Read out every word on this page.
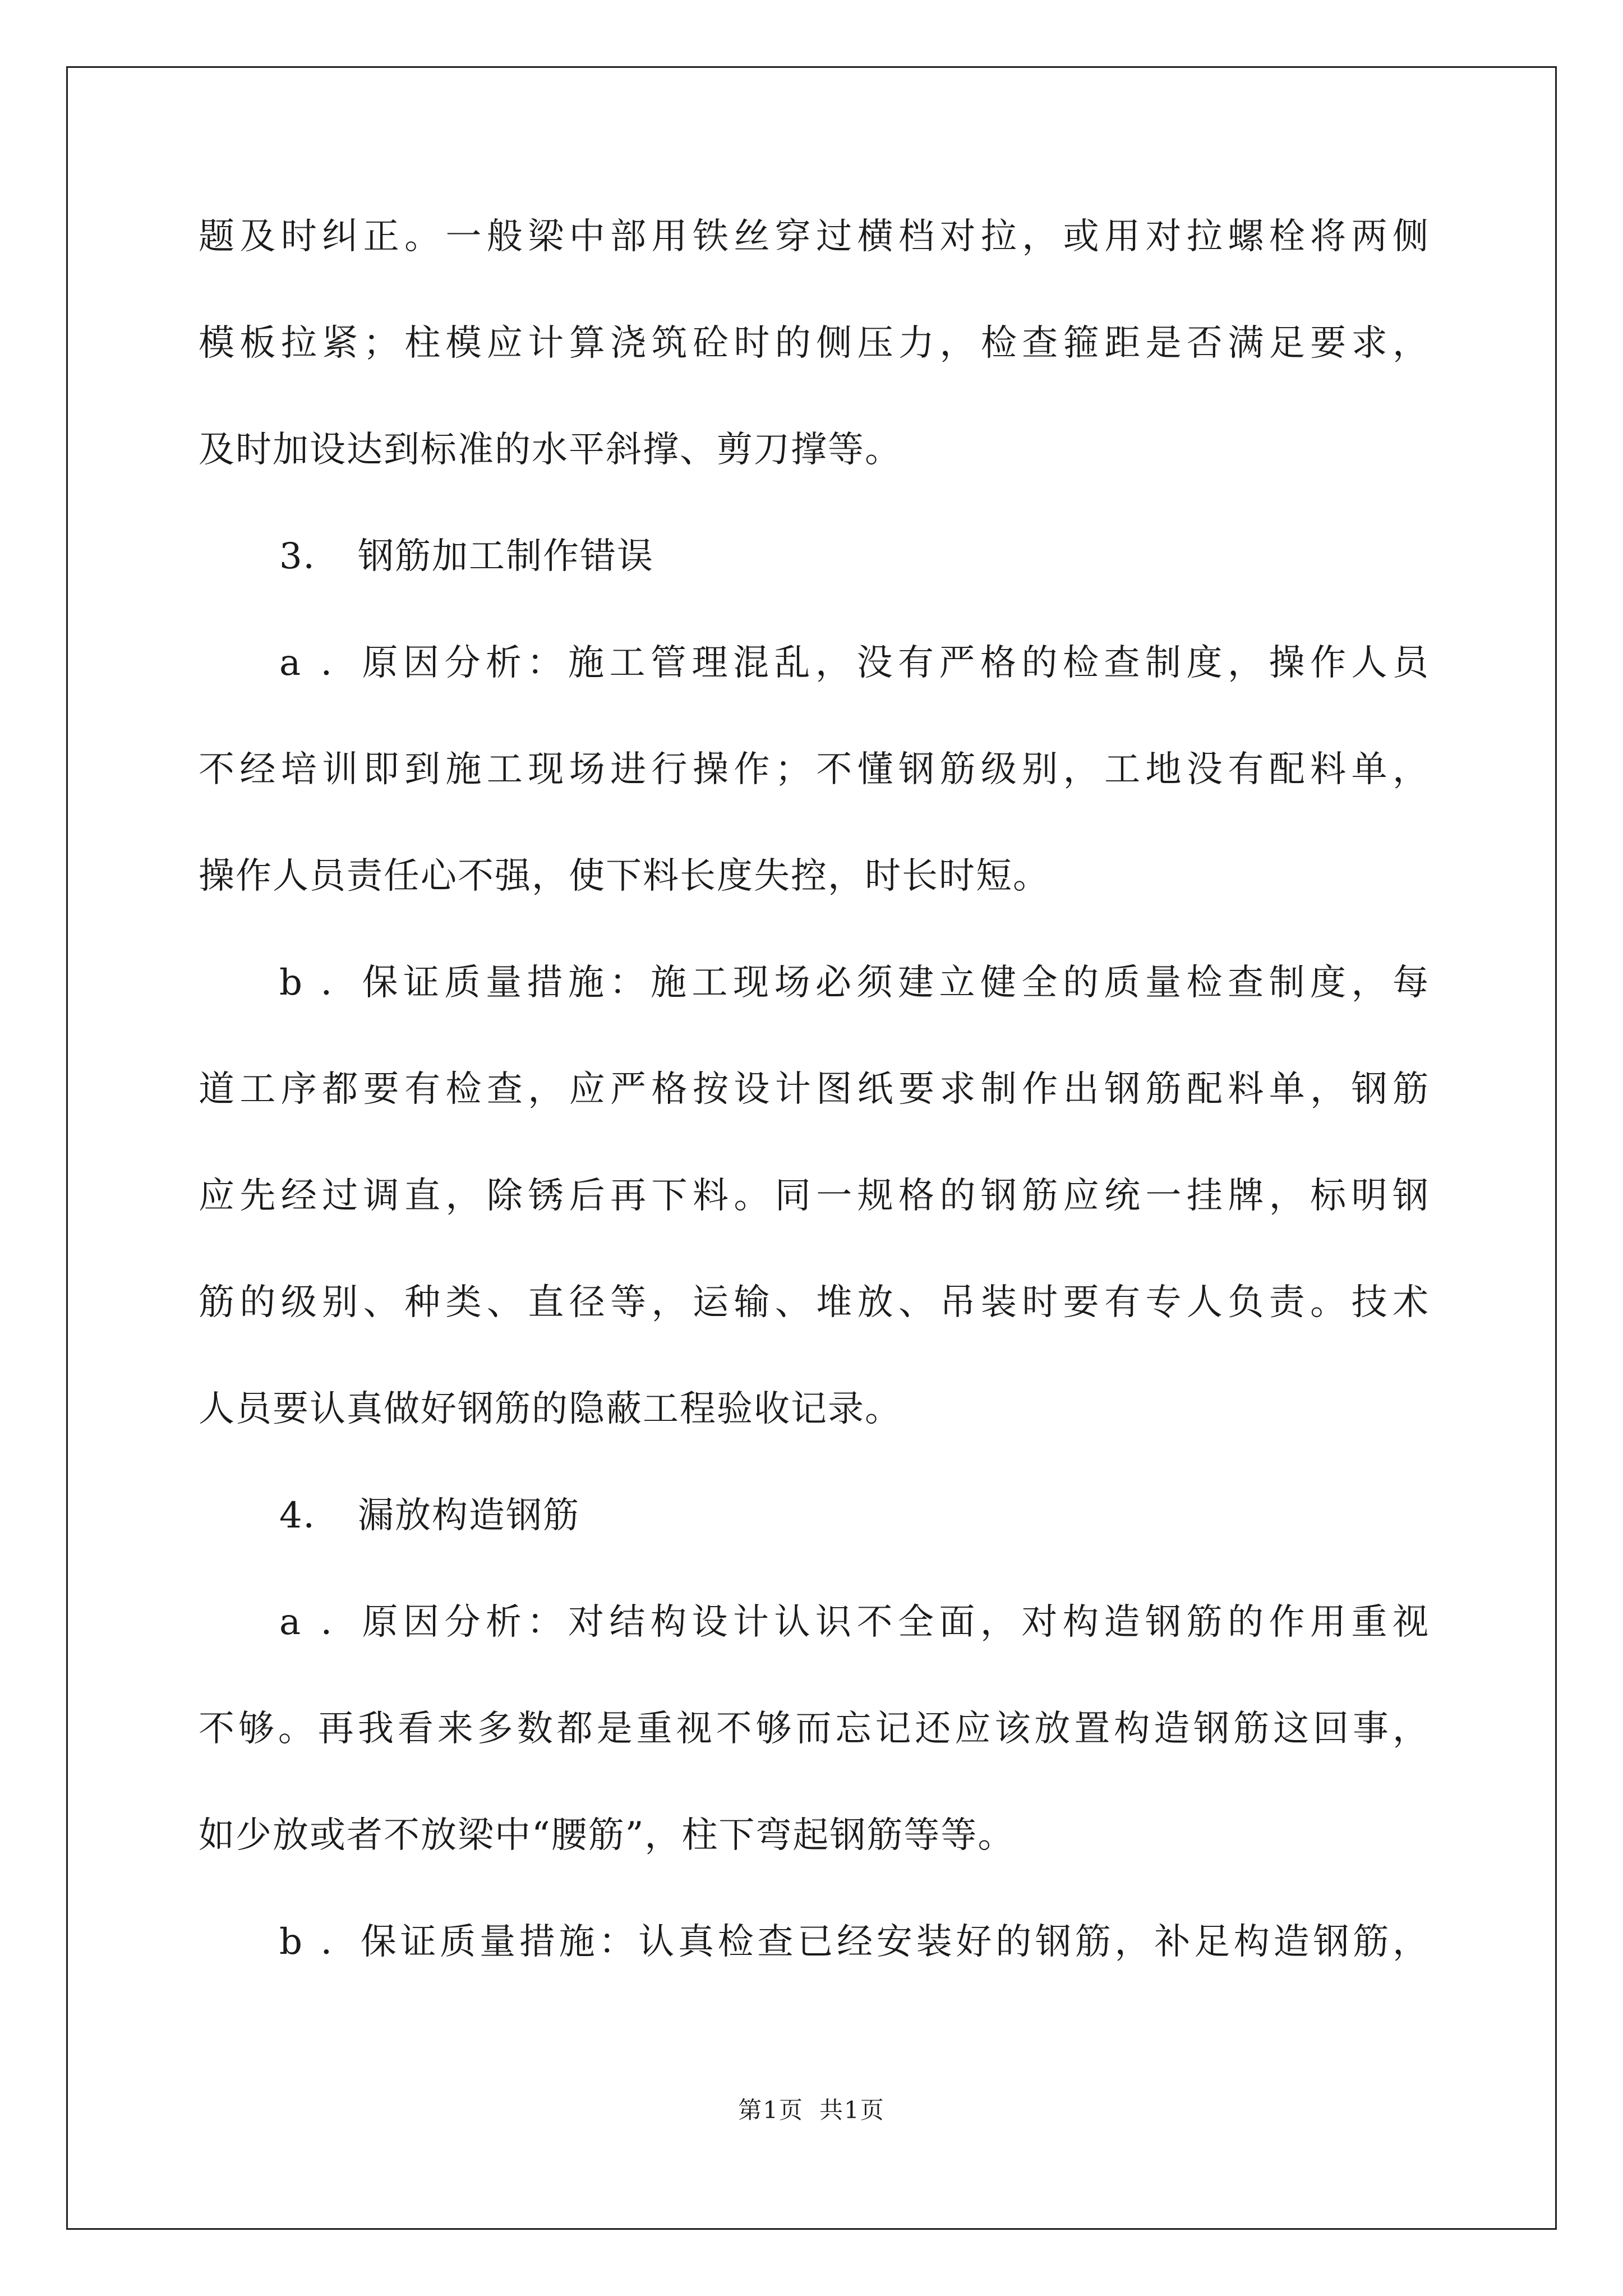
题及时纠正。一般梁中部用铁丝穿过横档对拉，或用对拉螺栓将两侧
模板拉紧；柱模应计算浇筑砼时的侧压力，检查箍距是否满足要求，
及时加设达到标准的水平斜撑、剪刀撑等。
3． 钢筋加工制作错误
a．原因分析：施工管理混乱，没有严格的检查制度，操作人员
不经培训即到施工现场进行操作；不懂钢筋级别，工地没有配料单，
操作人员责任心不强，使下料长度失控，时长时短。
b．保证质量措施：施工现场必须建立健全的质量检查制度，每
道工序都要有检查，应严格按设计图纸要求制作出钢筋配料单，钢筋
应先经过调直，除锈后再下料。同一规格的钢筋应统一挂牌，标明钢
筋的级别、种类、直径等，运输、堆放、吊装时要有专人负责。技术
人员要认真做好钢筋的隐蔽工程验收记录。
4． 漏放构造钢筋
a．原因分析：对结构设计认识不全面，对构造钢筋的作用重视
不够。再我看来多数都是重视不够而忘记还应该放置构造钢筋这回事，
如少放或者不放梁中“腰筋”，柱下弯起钢筋等等。
b．保证质量措施：认真检查已经安装好的钢筋，补足构造钢筋，
第1页 共1页
